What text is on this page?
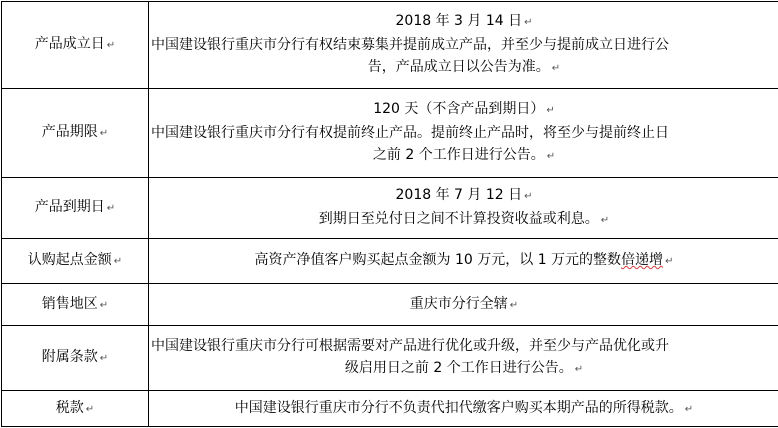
产品成立日 ↵	2018 年 3 月 14 日 ↵
中国建设银行重庆市分行有权结束募集并提前成立产品，并至少与提前成立日进行公
告，产品成立日以公告为准。 ↵

产品期限 ↵	120 天（不含产品到期日） ↵
中国建设银行重庆市分行有权提前终止产品。提前终止产品时，将至少与提前终止日
之前 2 个工作日进行公告。 ↵

产品到期日 ↵	2018 年 7 月 12 日 ↵
到期日至兑付日之间不计算投资收益或利息。 ↵

认购起点金额 ↵	高资产净值客户购买起点金额为 10 万元，以 1 万元的整数倍递增 ↵

销售地区 ↵	重庆市分行全辖 ↵

附属条款 ↵	中国建设银行重庆市分行可根据需要对产品进行优化或升级，并至少与产品优化或升
级启用日之前 2 个工作日进行公告。 ↵

税款 ↵	中国建设银行重庆市分行不负责代扣代缴客户购买本期产品的所得税款。 ↵
